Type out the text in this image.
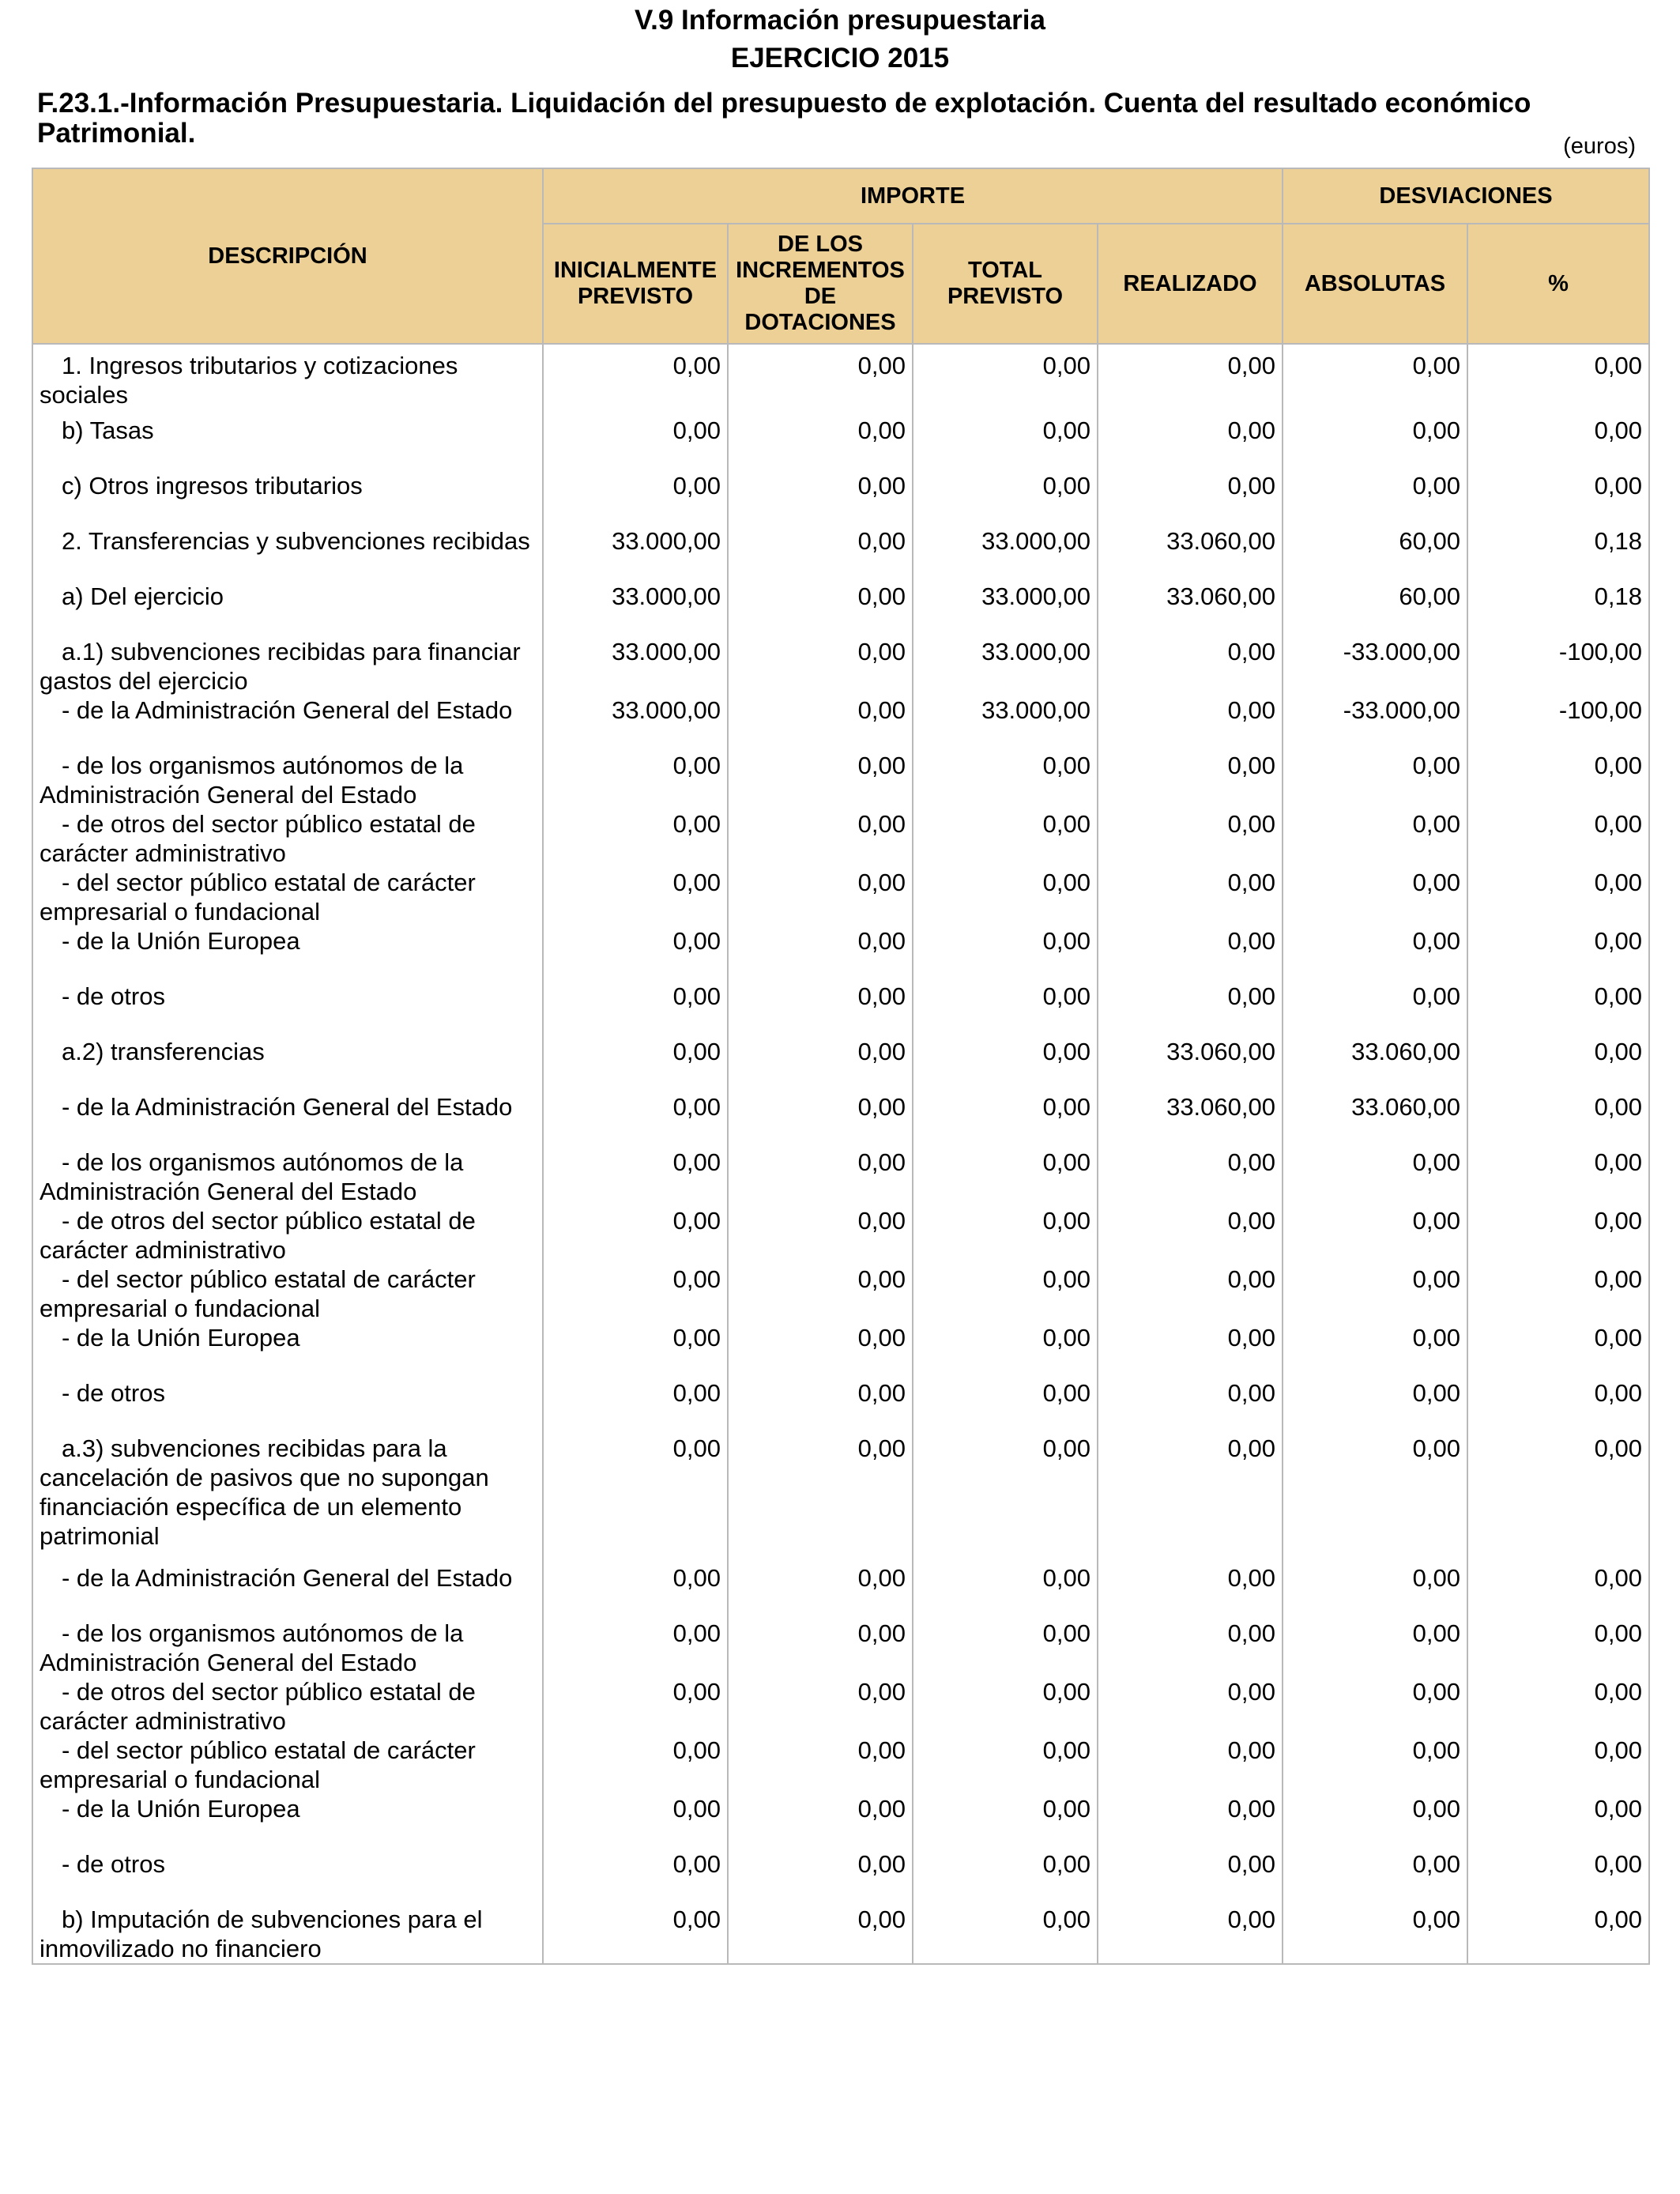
V.9 Información presupuestaria
EJERCICIO 2015
F.23.1.-Información Presupuestaria. Liquidación del presupuesto de explotación. Cuenta del resultado económico Patrimonial.	(euros)
DESCRIPCIÓN	IMPORTE				DESVIACIONES	
	INICIALMENTE PREVISTO	DE LOS INCREMENTOS DE DOTACIONES	TOTAL PREVISTO	REALIZADO	ABSOLUTAS	%
1. Ingresos tributarios y cotizaciones sociales	0,00	0,00	0,00	0,00	0,00	0,00
b) Tasas	0,00	0,00	0,00	0,00	0,00	0,00
c) Otros ingresos tributarios	0,00	0,00	0,00	0,00	0,00	0,00
2. Transferencias y subvenciones recibidas	33.000,00	0,00	33.000,00	33.060,00	60,00	0,18
a) Del ejercicio	33.000,00	0,00	33.000,00	33.060,00	60,00	0,18
a.1) subvenciones recibidas para financiar gastos del ejercicio	33.000,00	0,00	33.000,00	0,00	-33.000,00	-100,00
- de la Administración General del Estado	33.000,00	0,00	33.000,00	0,00	-33.000,00	-100,00
- de los organismos autónomos de la Administración General del Estado	0,00	0,00	0,00	0,00	0,00	0,00
- de otros del sector público estatal de carácter administrativo	0,00	0,00	0,00	0,00	0,00	0,00
- del sector público estatal de carácter empresarial o fundacional	0,00	0,00	0,00	0,00	0,00	0,00
- de la Unión Europea	0,00	0,00	0,00	0,00	0,00	0,00
- de otros	0,00	0,00	0,00	0,00	0,00	0,00
a.2) transferencias	0,00	0,00	0,00	33.060,00	33.060,00	0,00
- de la Administración General del Estado	0,00	0,00	0,00	33.060,00	33.060,00	0,00
- de los organismos autónomos de la Administración General del Estado	0,00	0,00	0,00	0,00	0,00	0,00
- de otros del sector público estatal de carácter administrativo	0,00	0,00	0,00	0,00	0,00	0,00
- del sector público estatal de carácter empresarial o fundacional	0,00	0,00	0,00	0,00	0,00	0,00
- de la Unión Europea	0,00	0,00	0,00	0,00	0,00	0,00
- de otros	0,00	0,00	0,00	0,00	0,00	0,00
a.3) subvenciones recibidas para la cancelación de pasivos que no supongan financiación específica de un elemento patrimonial	0,00	0,00	0,00	0,00	0,00	0,00
- de la Administración General del Estado	0,00	0,00	0,00	0,00	0,00	0,00
- de los organismos autónomos de la Administración General del Estado	0,00	0,00	0,00	0,00	0,00	0,00
- de otros del sector público estatal de carácter administrativo	0,00	0,00	0,00	0,00	0,00	0,00
- del sector público estatal de carácter empresarial o fundacional	0,00	0,00	0,00	0,00	0,00	0,00
- de la Unión Europea	0,00	0,00	0,00	0,00	0,00	0,00
- de otros	0,00	0,00	0,00	0,00	0,00	0,00
b) Imputación de subvenciones para el inmovilizado no financiero	0,00	0,00	0,00	0,00	0,00	0,00
